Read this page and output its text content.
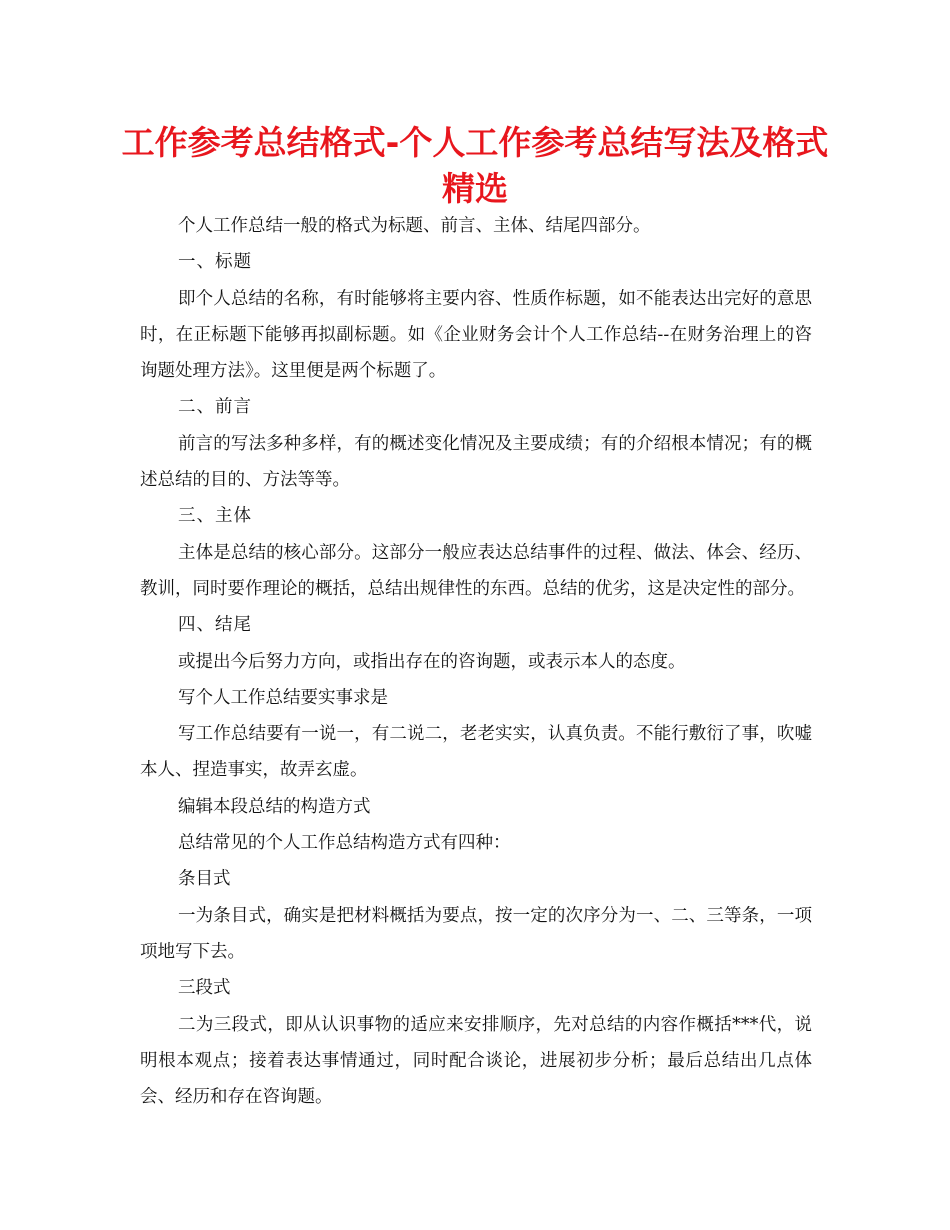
工作参考总结格式-个人工作参考总结写法及格式精选

个人工作总结一般的格式为标题、前言、主体、结尾四部分。

一、标题

即个人总结的名称，有时能够将主要内容、性质作标题，如不能表达出完好的意思时，在正标题下能够再拟副标题。如《企业财务会计个人工作总结--在财务治理上的咨询题处理方法》。这里便是两个标题了。

二、前言

前言的写法多种多样，有的概述变化情况及主要成绩；有的介绍根本情况；有的概述总结的目的、方法等等。

三、主体

主体是总结的核心部分。这部分一般应表达总结事件的过程、做法、体会、经历、教训，同时要作理论的概括，总结出规律性的东西。总结的优劣，这是决定性的部分。

四、结尾

或提出今后努力方向，或指出存在的咨询题，或表示本人的态度。

写个人工作总结要实事求是

写工作总结要有一说一，有二说二，老老实实，认真负责。不能行敷衍了事，吹嘘本人、捏造事实，故弄玄虚。

编辑本段总结的构造方式

总结常见的个人工作总结构造方式有四种：

条目式

一为条目式，确实是把材料概括为要点，按一定的次序分为一、二、三等条，一项项地写下去。

三段式

二为三段式，即从认识事物的适应来安排顺序，先对总结的内容作概括***代，说明根本观点；接着表达事情通过，同时配合谈论，进展初步分析；最后总结出几点体会、经历和存在咨询题。
